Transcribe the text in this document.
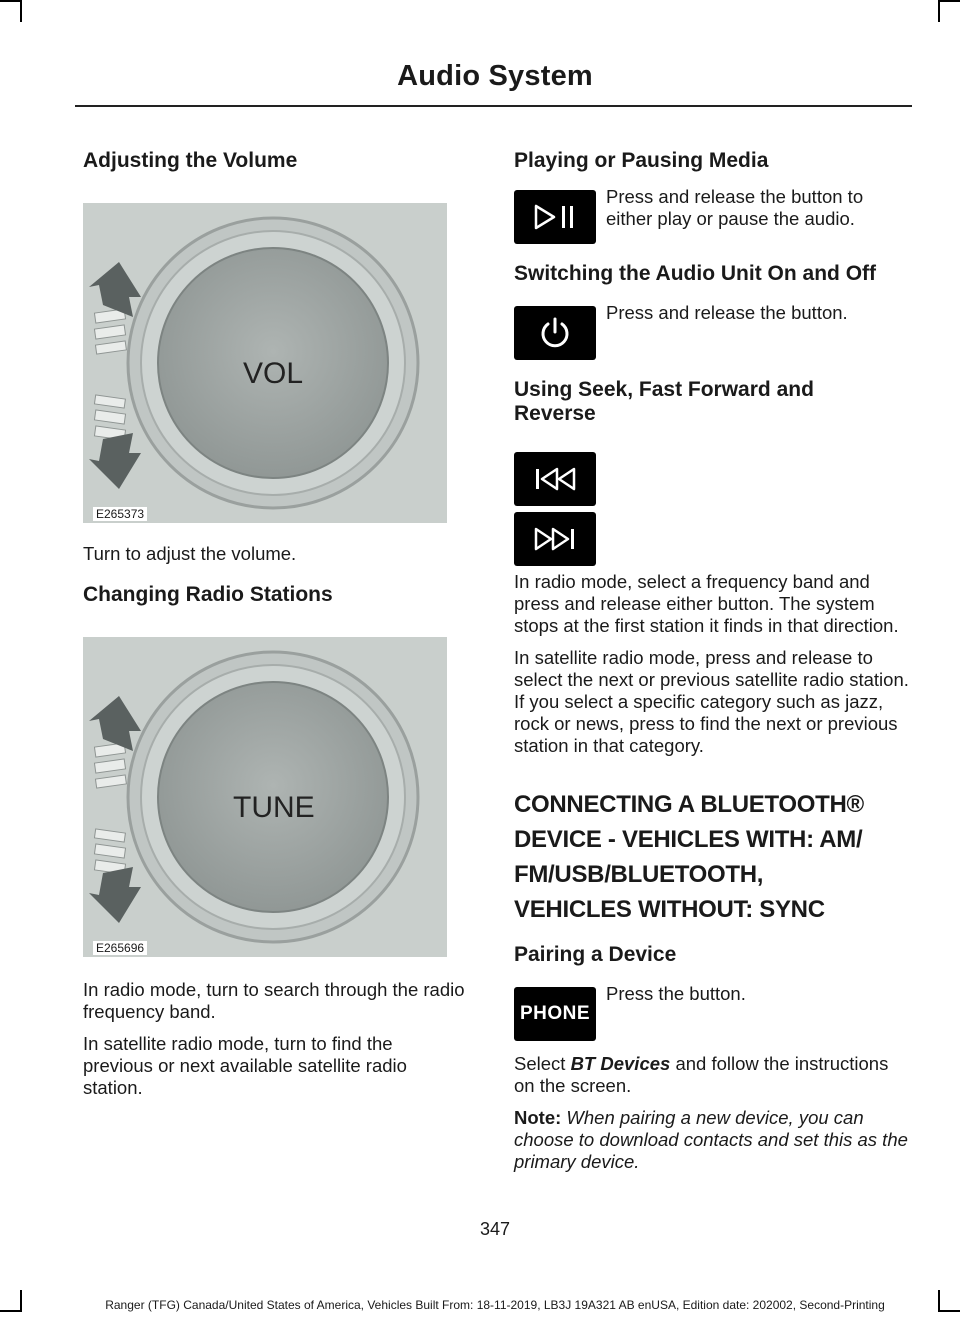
Audio System
Adjusting the Volume
VOL
E265373

Turn to adjust the volume.

Changing Radio Stations
TUNE
E265696

In radio mode, turn to search through the radio frequency band.

In satellite radio mode, turn to find the previous or next available satellite radio station.

Playing or Pausing Media

Press and release the button to either play or pause the audio.

Switching the Audio Unit On and Off

Press and release the button.

Using Seek, Fast Forward and Reverse

In radio mode, select a frequency band and press and release either button. The system stops at the first station it finds in that direction.

In satellite radio mode, press and release to select the next or previous satellite radio station. If you select a specific category such as jazz, rock or news, press to find the next or previous station in that category.

CONNECTING A BLUETOOTH®

DEVICE - VEHICLES WITH: AM/

FM/USB/BLUETOOTH,

VEHICLES WITHOUT: SYNC

Pairing a Device
PHONE

Press the button.

Select BT Devices and follow the instructions on the screen.

Note: When pairing a new device, you can choose to download contacts and set this as the primary device.

347
Ranger (TFG) Canada/United States of America, Vehicles Built From: 18-11-2019, LB3J 19A321 AB enUSA, Edition date: 202002, Second-Printing
